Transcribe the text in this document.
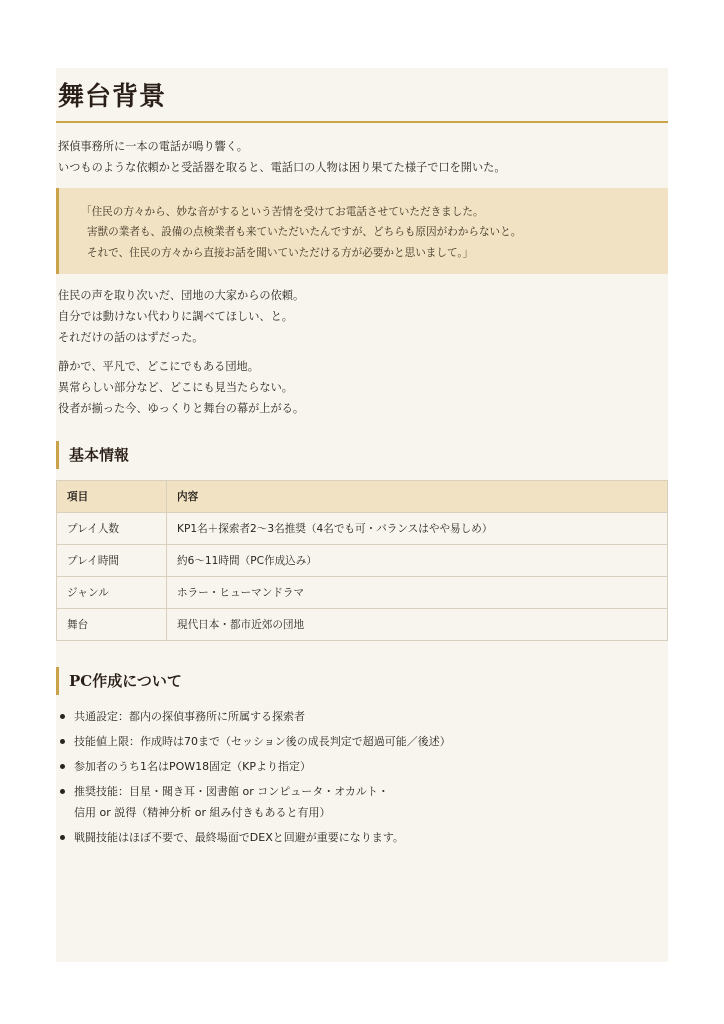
舞台背景
探偵事務所に一本の電話が鳴り響く。
いつものような依頼かと受話器を取ると、電話口の人物は困り果てた様子で口を開いた。
「住民の方々から、妙な音がするという苦情を受けてお電話させていただきました。
害獣の業者も、設備の点検業者も来ていただいたんですが、どちらも原因がわからないと。
それで、住民の方々から直接お話を聞いていただける方が必要かと思いまして。」
住民の声を取り次いだ、団地の大家からの依頼。
自分では動けない代わりに調べてほしい、と。
それだけの話のはずだった。
静かで、平凡で、どこにでもある団地。
異常らしい部分など、どこにも見当たらない。
役者が揃った今、ゆっくりと舞台の幕が上がる。
基本情報
項目	内容
プレイ人数	KP1名＋探索者2〜3名推奨（4名でも可・バランスはやや易しめ）
プレイ時間	約6〜11時間（PC作成込み）
ジャンル	ホラー・ヒューマンドラマ
舞台	現代日本・都市近郊の団地
PC作成について
共通設定：都内の探偵事務所に所属する探索者
技能値上限：作成時は70まで（セッション後の成長判定で超過可能／後述）
参加者のうち1名はPOW18固定（KPより指定）
推奨技能：目星・聞き耳・図書館 or コンピュータ・オカルト・
信用 or 説得（精神分析 or 組み付きもあると有用）
戦闘技能はほぼ不要で、最終場面でDEXと回避が重要になります。
